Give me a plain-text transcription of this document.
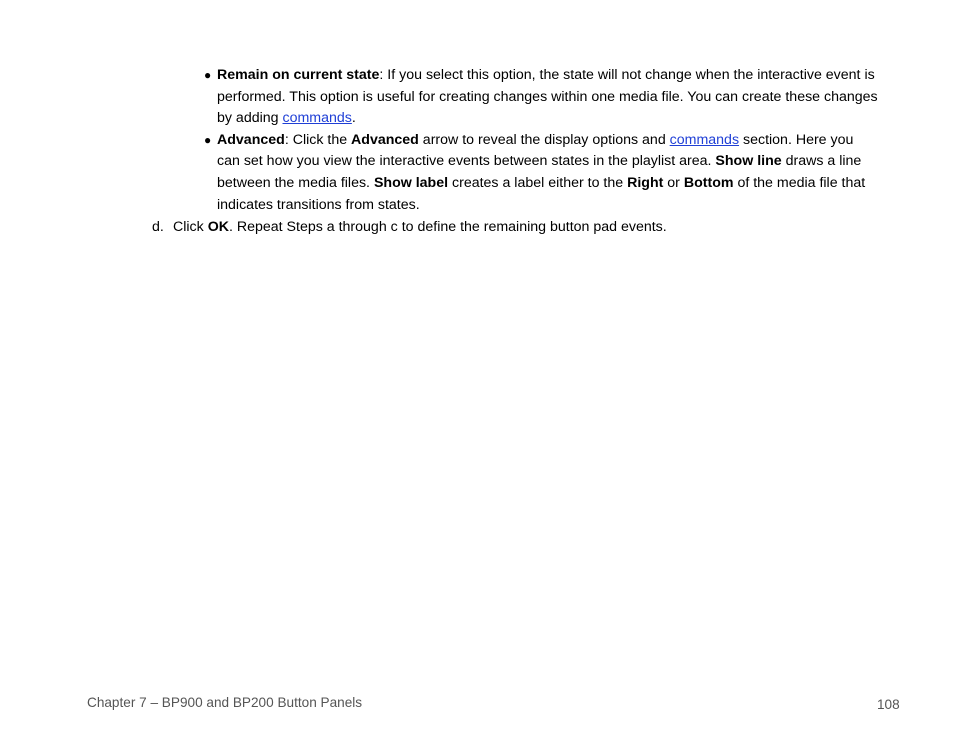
● Remain on current state: If you select this option, the state will not change when the interactive event is performed. This option is useful for creating changes within one media file. You can create these changes by adding commands.
● Advanced: Click the Advanced arrow to reveal the display options and commands section. Here you can set how you view the interactive events between states in the playlist area. Show line draws a line between the media files. Show label creates a label either to the Right or Bottom of the media file that indicates transitions from states.
d. Click OK. Repeat Steps a through c to define the remaining button pad events.
Chapter 7 – BP900 and BP200 Button Panels	108
